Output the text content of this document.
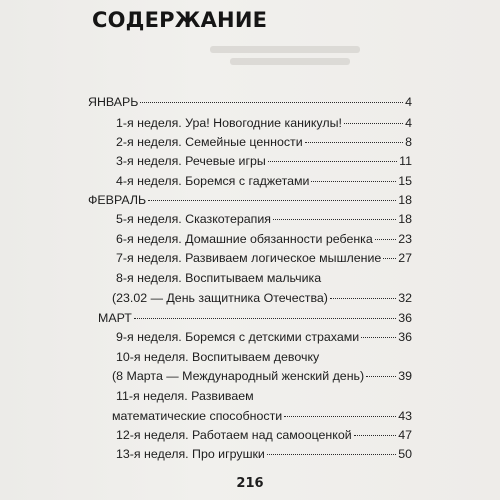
СОДЕРЖАНИЕ
ЯНВАРЬ	4
1-я неделя. Ура! Новогодние каникулы!	4
2-я неделя. Семейные ценности	8
3-я неделя. Речевые игры	11
4-я неделя. Боремся с гаджетами	15
ФЕВРАЛЬ	18
5-я неделя. Сказкотерапия	18
6-я неделя. Домашние обязанности ребенка 23
7-я неделя. Развиваем логическое мышление 27
8-я неделя. Воспитываем мальчика
(23.02 — День защитника Отечества)	32
МАРТ	36
9-я неделя. Боремся с детскими страхами	36
10-я неделя. Воспитываем девочку
(8 Марта — Международный женский день)	39
11-я неделя. Развиваем
математические способности	43
12-я неделя. Работаем над самооценкой	47
13-я неделя. Про игрушки	50
216
